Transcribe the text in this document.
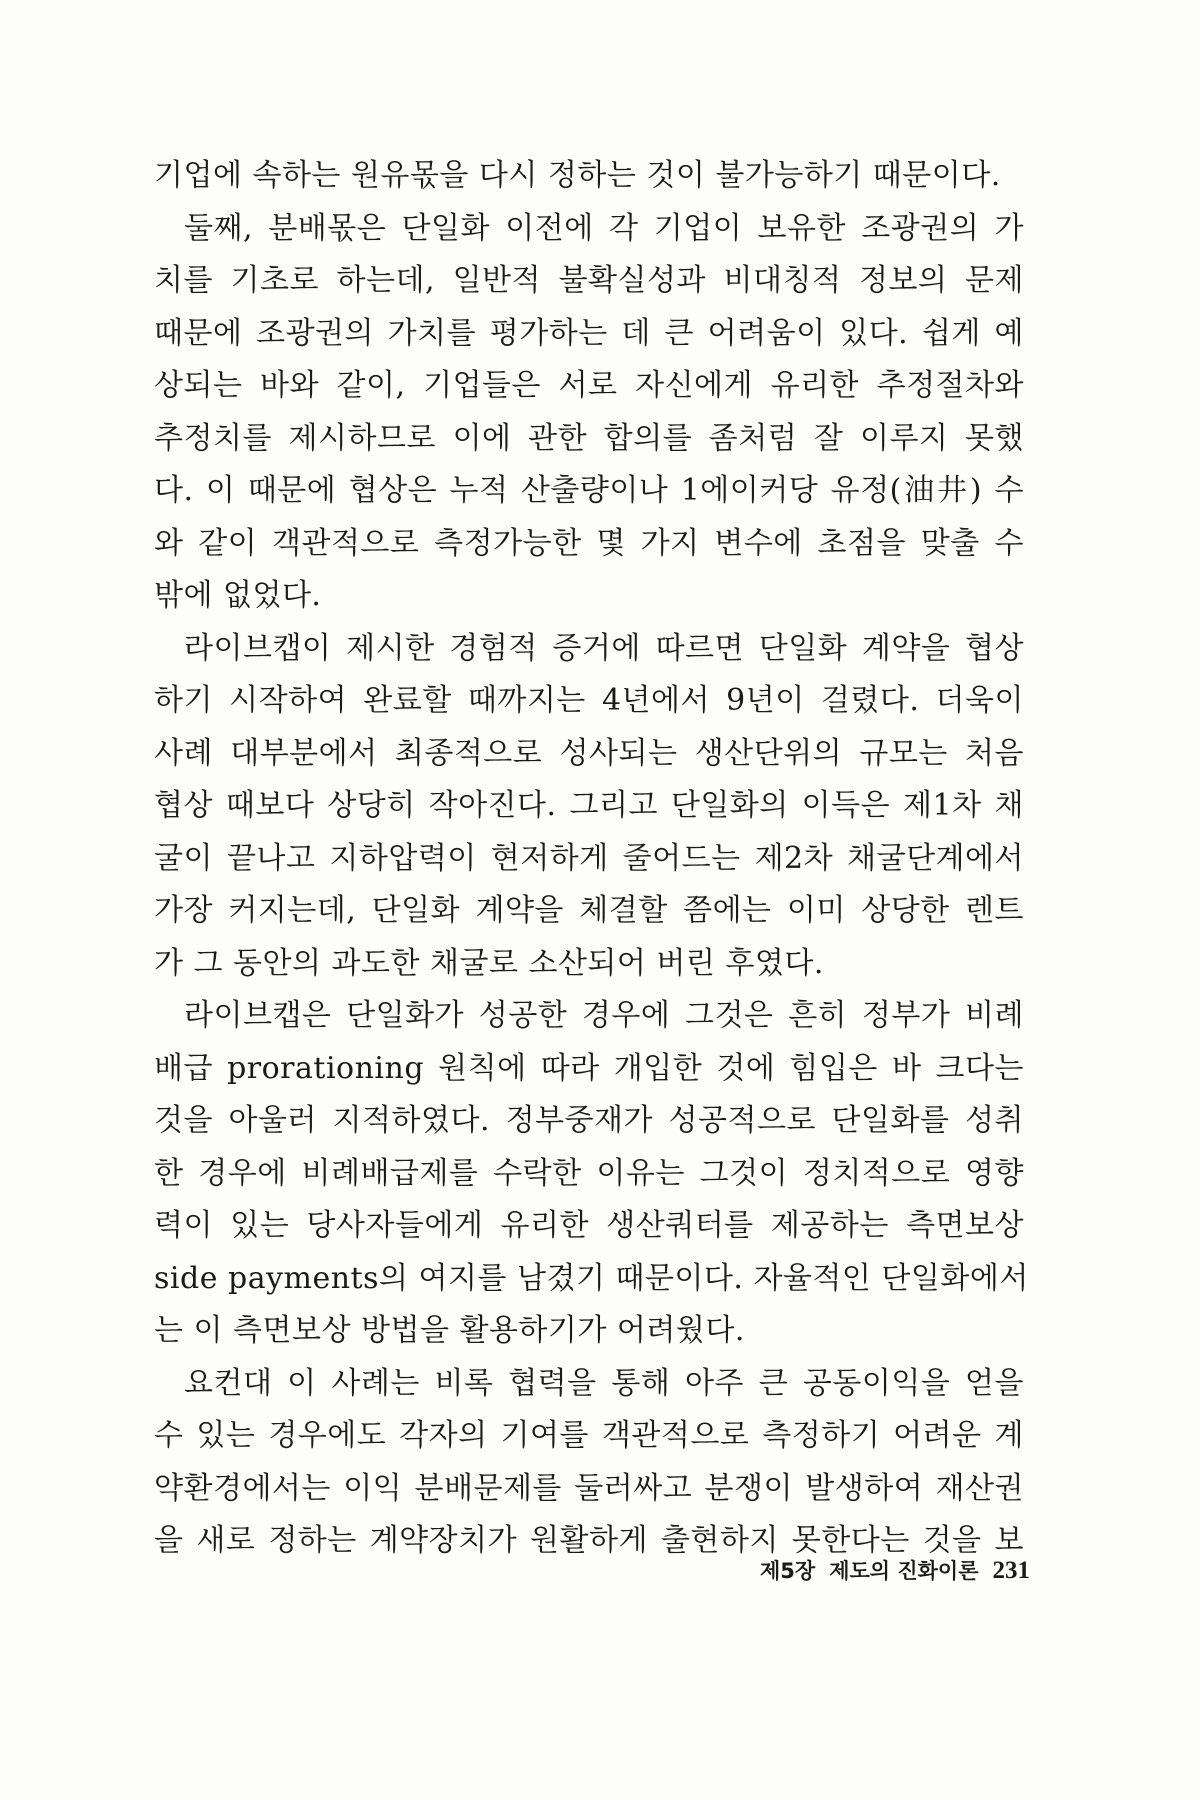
기업에 속하는 원유몫을 다시 정하는 것이 불가능하기 때문이다.
둘째, 분배몫은 단일화 이전에 각 기업이 보유한 조광권의 가
치를 기초로 하는데, 일반적 불확실성과 비대칭적 정보의 문제
때문에 조광권의 가치를 평가하는 데 큰 어려움이 있다. 쉽게 예
상되는 바와 같이, 기업들은 서로 자신에게 유리한 추정절차와
추정치를 제시하므로 이에 관한 합의를 좀처럼 잘 이루지 못했
다. 이 때문에 협상은 누적 산출량이나 1에이커당 유정(油井) 수
와 같이 객관적으로 측정가능한 몇 가지 변수에 초점을 맞출 수
밖에 없었다.
라이브캡이 제시한 경험적 증거에 따르면 단일화 계약을 협상
하기 시작하여 완료할 때까지는 4년에서 9년이 걸렸다. 더욱이
사례 대부분에서 최종적으로 성사되는 생산단위의 규모는 처음
협상 때보다 상당히 작아진다. 그리고 단일화의 이득은 제1차 채
굴이 끝나고 지하압력이 현저하게 줄어드는 제2차 채굴단계에서
가장 커지는데, 단일화 계약을 체결할 쯤에는 이미 상당한 렌트
가 그 동안의 과도한 채굴로 소산되어 버린 후였다.
라이브캡은 단일화가 성공한 경우에 그것은 흔히 정부가 비례
배급 prorationing 원칙에 따라 개입한 것에 힘입은 바 크다는
것을 아울러 지적하였다. 정부중재가 성공적으로 단일화를 성취
한 경우에 비례배급제를 수락한 이유는 그것이 정치적으로 영향
력이 있는 당사자들에게 유리한 생산쿼터를 제공하는 측면보상
side payments의 여지를 남겼기 때문이다. 자율적인 단일화에서
는 이 측면보상 방법을 활용하기가 어려웠다.
요컨대 이 사례는 비록 협력을 통해 아주 큰 공동이익을 얻을
수 있는 경우에도 각자의 기여를 객관적으로 측정하기 어려운 계
약환경에서는 이익 분배문제를 둘러싸고 분쟁이 발생하여 재산권
을 새로 정하는 계약장치가 원활하게 출현하지 못한다는 것을 보
제5장 제도의 진화이론 231
